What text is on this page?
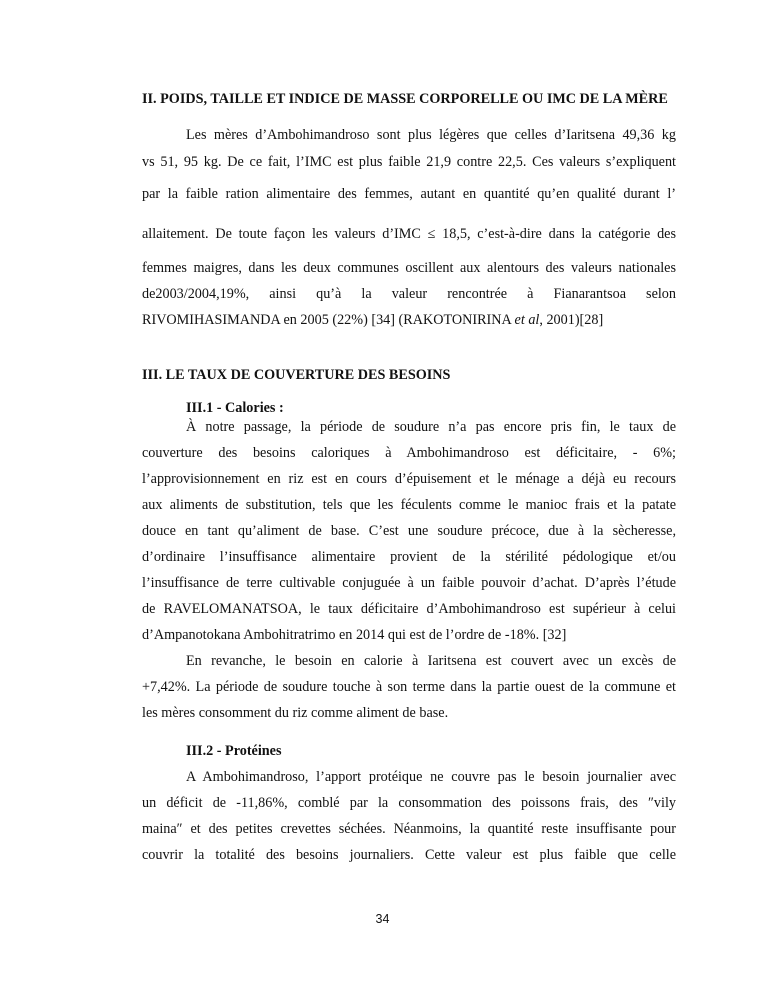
II. POIDS, TAILLE ET INDICE DE MASSE CORPORELLE OU IMC DE LA MÈRE
Les mères d’Ambohimandroso sont plus légères que celles d’Iaritsena 49,36 kg
vs 51, 95 kg. De ce fait, l’IMC est plus faible 21,9 contre 22,5. Ces valeurs s’expliquent
par la faible ration alimentaire des femmes, autant en quantité qu’en qualité durant l’
allaitement. De toute façon les valeurs d’IMC ≤ 18,5, c’est-à-dire dans la catégorie des
femmes maigres, dans les deux communes oscillent aux alentours des valeurs nationales
de2003/2004,19%, ainsi qu’à la valeur rencontrée à Fianarantsoa selon
RIVOMIHASIMANDA en 2005 (22%) [34] (RAKOTONIRINA et al, 2001)[28]
III. LE TAUX DE COUVERTURE DES BESOINS
III.1 - Calories :
À notre passage, la période de soudure n’a pas encore pris fin, le taux de
couverture des besoins caloriques à Ambohimandroso est déficitaire, - 6%;
l’approvisionnement en riz est en cours d’épuisement et le ménage a déjà eu recours
aux aliments de substitution, tels que les féculents comme le manioc frais et la patate
douce en tant qu’aliment de base. C’est une soudure précoce, due à la sècheresse,
d’ordinaire l’insuffisance alimentaire provient de la stérilité pédologique et/ou
l’insuffisance de terre cultivable conjuguée à un faible pouvoir d’achat. D’après l’étude
de RAVELOMANATSOA, le taux déficitaire d’Ambohimandroso est supérieur à celui
d’Ampanotokana Ambohitratrimo en 2014 qui est de l’ordre de -18%. [32]
En revanche, le besoin en calorie à Iaritsena est couvert avec un excès de
+7,42%. La période de soudure touche à son terme dans la partie ouest de la commune et
les mères consomment du riz comme aliment de base.
III.2 - Protéines
A Ambohimandroso, l’apport protéique ne couvre pas le besoin journalier avec
un déficit de -11,86%, comblé par la consommation des poissons frais, des ″vily
maina″ et des petites crevettes séchées. Néanmoins, la quantité reste insuffisante pour
couvrir la totalité des besoins journaliers. Cette valeur est plus faible que celle
34
